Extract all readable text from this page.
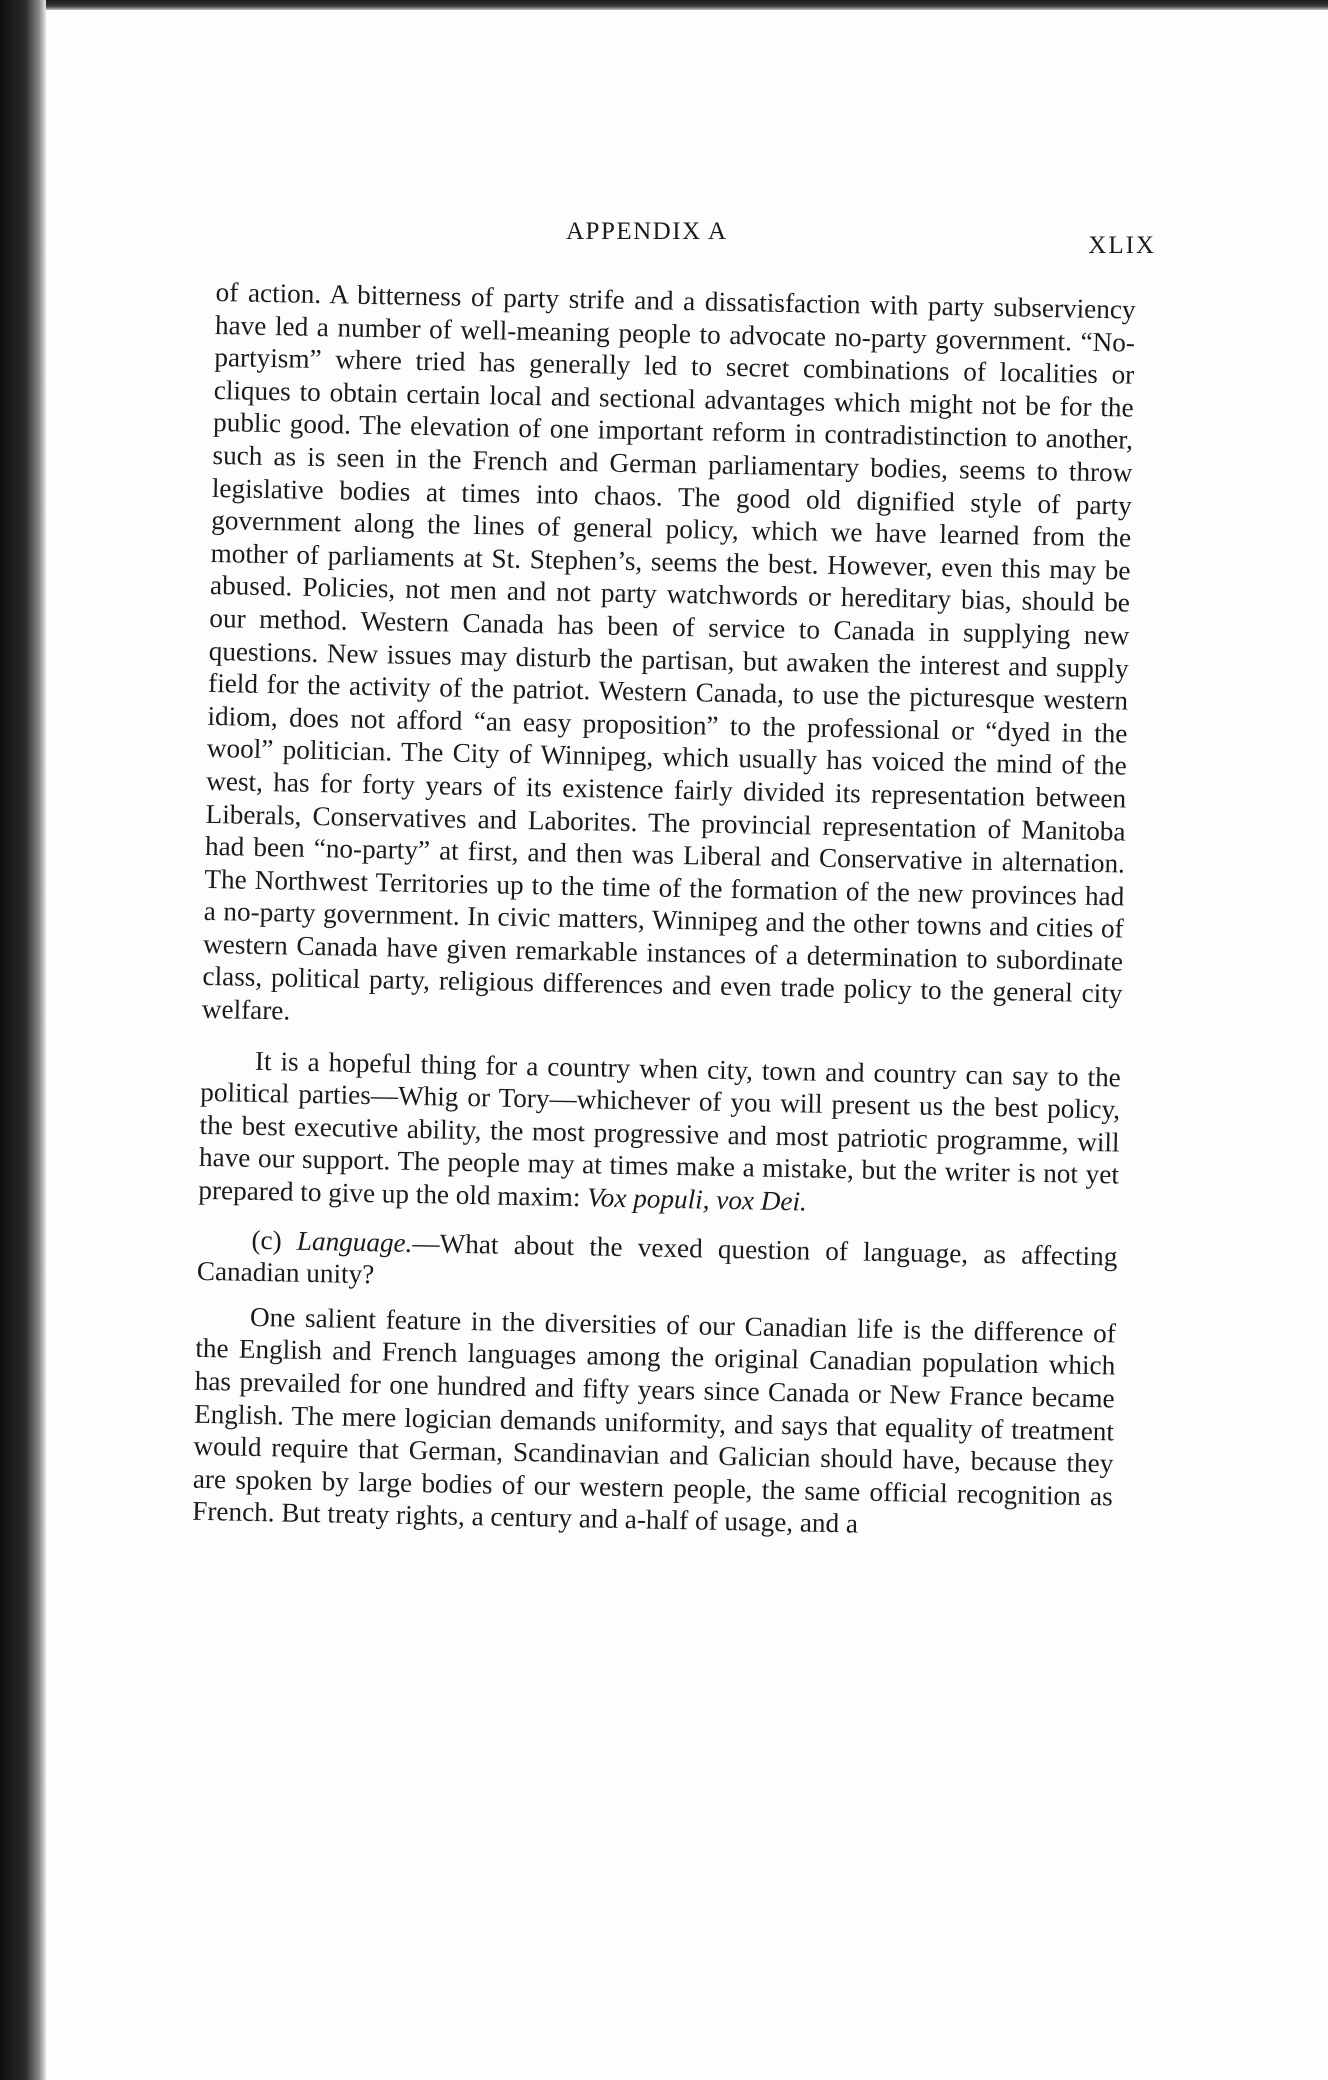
APPENDIX A
XLIX

of action. A bitterness of party strife and a dissatisfaction with party subserviency have led a number of well-meaning people to advocate no-party government. “No-partyism” where tried has generally led to secret combinations of localities or cliques to obtain certain local and sectional advantages which might not be for the public good. The elevation of one important reform in contradistinction to another, such as is seen in the French and German parliamentary bodies, seems to throw legislative bodies at times into chaos. The good old dignified style of party government along the lines of general policy, which we have learned from the mother of parliaments at St. Stephen’s, seems the best. However, even this may be abused. Policies, not men and not party watchwords or hereditary bias, should be our method. Western Canada has been of service to Canada in supplying new questions. New issues may disturb the partisan, but awaken the interest and supply field for the activity of the patriot. Western Canada, to use the picturesque western idiom, does not afford “an easy proposition” to the professional or “dyed in the wool” politician. The City of Winnipeg, which usually has voiced the mind of the west, has for forty years of its existence fairly divided its representation between Liberals, Conservatives and Laborites. The provincial representation of Manitoba had been “no-party” at first, and then was Liberal and Conservative in alternation. The Northwest Territories up to the time of the formation of the new provinces had a no-party government. In civic matters, Winnipeg and the other towns and cities of western Canada have given remarkable instances of a determination to subordinate class, political party, religious differences and even trade policy to the general city welfare.

It is a hopeful thing for a country when city, town and country can say to the political parties—Whig or Tory—whichever of you will present us the best policy, the best executive ability, the most progressive and most patriotic programme, will have our support. The people may at times make a mistake, but the writer is not yet prepared to give up the old maxim: Vox populi, vox Dei.

(c) Language.—What about the vexed question of language, as affecting Canadian unity?

One salient feature in the diversities of our Canadian life is the difference of the English and French languages among the original Canadian population which has prevailed for one hundred and fifty years since Canada or New France became English. The mere logician demands uniformity, and says that equality of treatment would require that German, Scandinavian and Galician should have, because they are spoken by large bodies of our western people, the same official recognition as French. But treaty rights, a century and a-half of usage, and a
